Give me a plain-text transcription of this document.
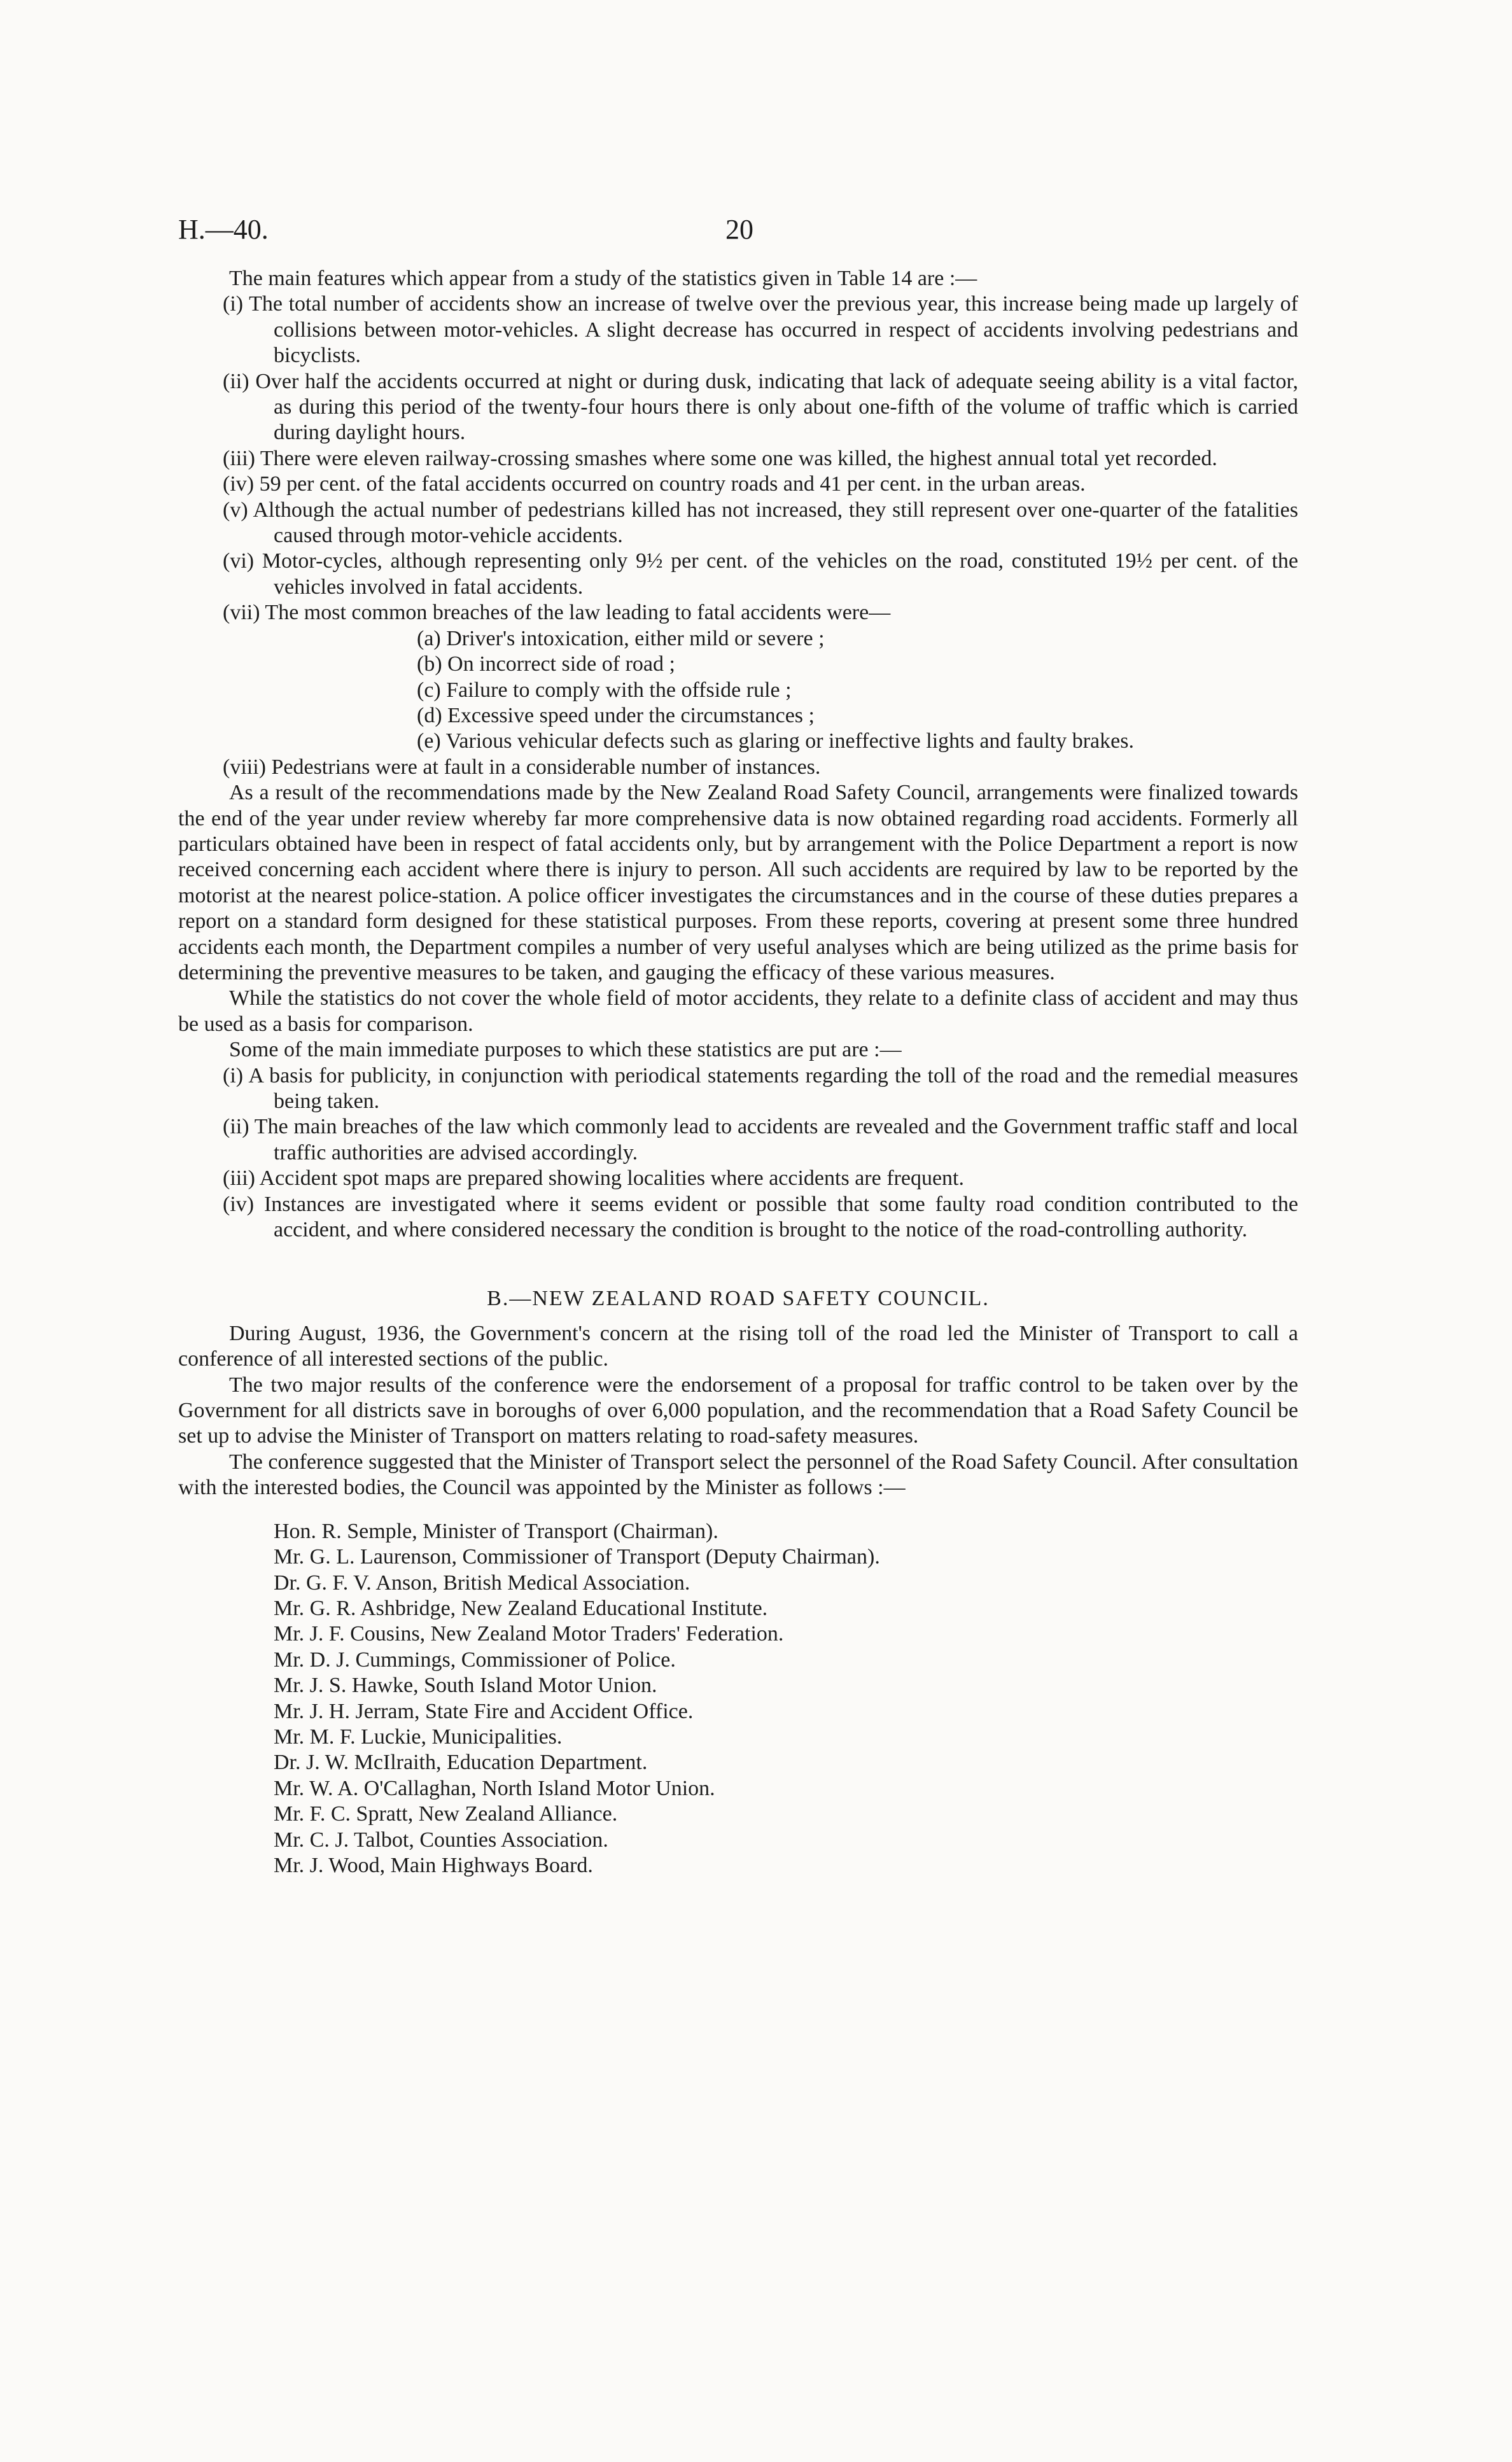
H.—40.	20

The main features which appear from a study of the statistics given in Table 14 are :—

(i) The total number of accidents show an increase of twelve over the previous year, this increase being made up largely of collisions between motor-vehicles. A slight decrease has occurred in respect of accidents involving pedestrians and bicyclists.

(ii) Over half the accidents occurred at night or during dusk, indicating that lack of adequate seeing ability is a vital factor, as during this period of the twenty-four hours there is only about one-fifth of the volume of traffic which is carried during daylight hours.

(iii) There were eleven railway-crossing smashes where some one was killed, the highest annual total yet recorded.

(iv) 59 per cent. of the fatal accidents occurred on country roads and 41 per cent. in the urban areas.

(v) Although the actual number of pedestrians killed has not increased, they still represent over one-quarter of the fatalities caused through motor-vehicle accidents.

(vi) Motor-cycles, although representing only 9½ per cent. of the vehicles on the road, constituted 19½ per cent. of the vehicles involved in fatal accidents.

(vii) The most common breaches of the law leading to fatal accidents were—

(a) Driver's intoxication, either mild or severe ;

(b) On incorrect side of road ;

(c) Failure to comply with the offside rule ;

(d) Excessive speed under the circumstances ;

(e) Various vehicular defects such as glaring or ineffective lights and faulty brakes.

(viii) Pedestrians were at fault in a considerable number of instances.

As a result of the recommendations made by the New Zealand Road Safety Council, arrangements were finalized towards the end of the year under review whereby far more comprehensive data is now obtained regarding road accidents. Formerly all particulars obtained have been in respect of fatal accidents only, but by arrangement with the Police Department a report is now received concerning each accident where there is injury to person. All such accidents are required by law to be reported by the motorist at the nearest police-station. A police officer investigates the circumstances and in the course of these duties prepares a report on a standard form designed for these statistical purposes. From these reports, covering at present some three hundred accidents each month, the Department compiles a number of very useful analyses which are being utilized as the prime basis for determining the preventive measures to be taken, and gauging the efficacy of these various measures.

While the statistics do not cover the whole field of motor accidents, they relate to a definite class of accident and may thus be used as a basis for comparison.

Some of the main immediate purposes to which these statistics are put are :—

(i) A basis for publicity, in conjunction with periodical statements regarding the toll of the road and the remedial measures being taken.

(ii) The main breaches of the law which commonly lead to accidents are revealed and the Government traffic staff and local traffic authorities are advised accordingly.

(iii) Accident spot maps are prepared showing localities where accidents are frequent.

(iv) Instances are investigated where it seems evident or possible that some faulty road condition contributed to the accident, and where considered necessary the condition is brought to the notice of the road-controlling authority.

B.—NEW ZEALAND ROAD SAFETY COUNCIL.

During August, 1936, the Government's concern at the rising toll of the road led the Minister of Transport to call a conference of all interested sections of the public.

The two major results of the conference were the endorsement of a proposal for traffic control to be taken over by the Government for all districts save in boroughs of over 6,000 population, and the recommendation that a Road Safety Council be set up to advise the Minister of Transport on matters relating to road-safety measures.

The conference suggested that the Minister of Transport select the personnel of the Road Safety Council. After consultation with the interested bodies, the Council was appointed by the Minister as follows :—

Hon. R. Semple, Minister of Transport (Chairman).
Mr. G. L. Laurenson, Commissioner of Transport (Deputy Chairman).
Dr. G. F. V. Anson, British Medical Association.
Mr. G. R. Ashbridge, New Zealand Educational Institute.
Mr. J. F. Cousins, New Zealand Motor Traders' Federation.
Mr. D. J. Cummings, Commissioner of Police.
Mr. J. S. Hawke, South Island Motor Union.
Mr. J. H. Jerram, State Fire and Accident Office.
Mr. M. F. Luckie, Municipalities.
Dr. J. W. McIlraith, Education Department.
Mr. W. A. O'Callaghan, North Island Motor Union.
Mr. F. C. Spratt, New Zealand Alliance.
Mr. C. J. Talbot, Counties Association.
Mr. J. Wood, Main Highways Board.
